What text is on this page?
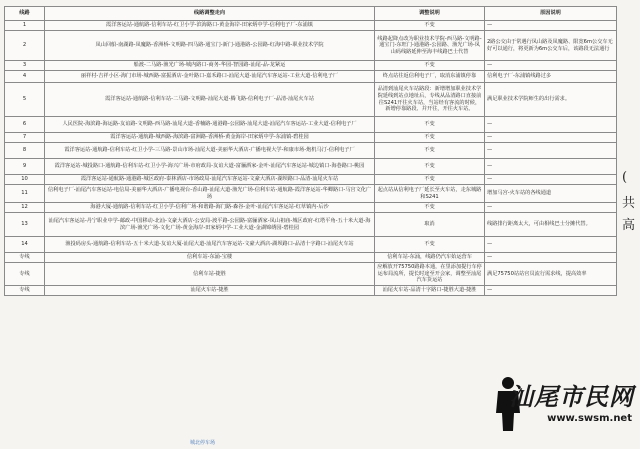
线路	线路调整走向	调整说明	原因说明
1	霞洋客运站-通航路-信利车站-红卫小学-滨海路口-黄金海岸-田家炳中学-信利电子厂-东浦镇	不变	—
2	凤山回船-南湖路-凤魔路-香洲桥-文明路-四马路-通宝门-新门-通港路-公园路-红海中路-职业技术学院	线路起降点改为职业技术学院-西马路-文明路-通宝门-东旺门-通港路-公园路、渔光广场-凤山码线路延伸至海丰线路巴士代替	2路公交由于常遇行凤山路及凤魔路、限宽6m公交车无好可以通行，将更新为6m公交车后，该路段无法通行
3	船渡-二马路-渔光广场-城内路口-商务-华园-智园路-汕尾-品-龙紧运	不变	—
4	丽祥村-吉祥小区-海门市场-城西路-富振酒店-金叶路口-嘉禾路口-汕尾大道-汕尾汽车客运站-工业大道-信利电子厂	终点站往返信利电子厂，取消东浦镇停靠	信利电子厂-东浦镇线路过多
5	霞洋客运站-通航路-信利车站-二马路-文明路-汕尾大道-腾飞路-信利电子厂-品清-汕尾火车站	品清到汕尾火车站路段：新增增加职业技术学院延线到站点地址后，专线从品清路口直接前往S241开往火车站，当站经有客流的时候，新增停靠路段、并开往，开往火车站。	满足职业技术学院师生的出行需求。
6	人民医院-海滨路-海运路-友谊路-文明路-西马路-汕尾大道-香楠路-通港路-公园路-汕尾大道-汕尾汽车客运站-工业大道-信利电子厂	不变	—
7	霞洋客运站-通航路-城西路-海滨路-富洲路-香洲桥-黄金海岸-田家炳中学-东浦镇-碧桂园	不变	—
8	霞洋客运站-通航路-信利车站-红卫小学-三马路-景山市场-汕尾大道-美丽华大酒店-广播电视大学-和康市场-炮机马汀-信利电子厂	不变	—
9	霞洋客运站-城投路口-通航路-信利车站-红卫小学-海兴广场-市府政局-友谊大道-富骊酒家-金叶-汕尾汽车客运站-城边镇口-海巷路口-桃园	不变	—
10	霞洋客运站-通航路-通港路-城区政府-泰林酒店-市场政局-汕尾汽车客运站-文豪大酒店-湖坝路口-品清-汕尾火车站	不变	—
11	信利电子厂-汕尾汽车客运站-电信局-美丽华大酒店-广播电视台-香山路-汕尾大道-渔光广场-信利车站-通航路-霞洋客运站-华卿路口-马宫文化广场	起点站从信利电子厂延长至火车站，走东城路和S241	增加马宫-火车站的各线通道
12	海港大厦-通航路-信利车站-红卫小学-信利广场-和谐路-海门路-森谷-金叶-汕尾汽车客运站-红草镇内-后沙	不变	—
13	汕尾汽车客运站-丹宁职业中学-邮政-中国移动-北汕-文豪大酒店-公安局-渡平路-公园路-富骊酒家-凤山祖庙-城区政府-红塔平角-五十米大道-海滨广场-渔光广场-文化广场-黄金海岸-田家炳中学-工业大道-金湖锦绣园-碧桂园	取消	线路排行距离太大，可由相线巴士分摊代替。
14	渔投码房头-通航路-信利车站-五十米大道-友谊大厦-汕尾大道-汕尾汽车客运站-文豪大酒店-湖坝路口-品清十字路口-汕尾火车站	不变	—
专线	信利车站-东涌-宝楼	信利车站-东涌，线路仍汽车始运营车	—
专线	信利车站-捷胜	应解放开75750路路本通，在里添加提行车停运布局流所，提长时途至开会家，调整至汕尾汽车货运站	满足75750站站官员流行需求线，提高效率
专线	汕尾火车站-捷胜	汕尾火车站-品清十字路口-捷胜大道-捷胜	—
(
共
高
城北停车场
汕尾市民网
www.swsm.net
